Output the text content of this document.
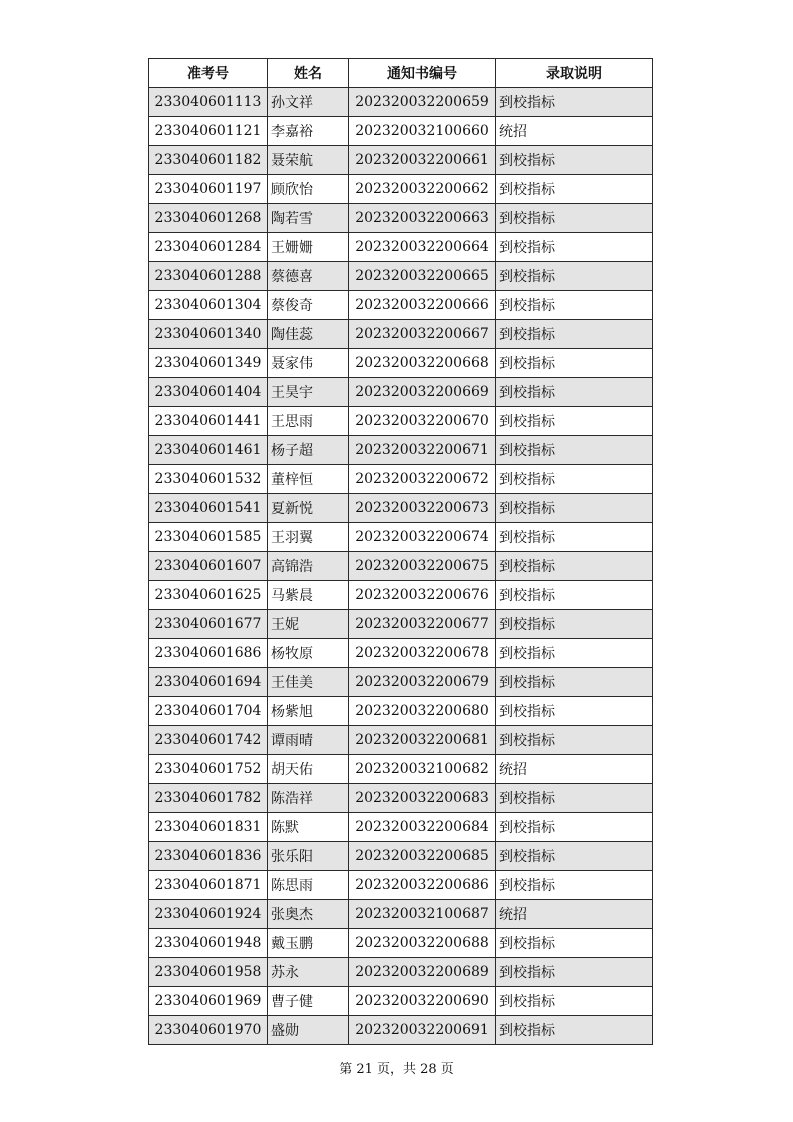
准考号	姓名	通知书编号	录取说明
233040601113	孙文祥	202320032200659	到校指标
233040601121	李嘉裕	202320032100660	统招
233040601182	聂荣航	202320032200661	到校指标
233040601197	顾欣怡	202320032200662	到校指标
233040601268	陶若雪	202320032200663	到校指标
233040601284	王姗姗	202320032200664	到校指标
233040601288	蔡德喜	202320032200665	到校指标
233040601304	蔡俊奇	202320032200666	到校指标
233040601340	陶佳蕊	202320032200667	到校指标
233040601349	聂家伟	202320032200668	到校指标
233040601404	王昊宇	202320032200669	到校指标
233040601441	王思雨	202320032200670	到校指标
233040601461	杨子超	202320032200671	到校指标
233040601532	董梓恒	202320032200672	到校指标
233040601541	夏新悦	202320032200673	到校指标
233040601585	王羽翼	202320032200674	到校指标
233040601607	高锦浩	202320032200675	到校指标
233040601625	马紫晨	202320032200676	到校指标
233040601677	王妮	202320032200677	到校指标
233040601686	杨牧原	202320032200678	到校指标
233040601694	王佳美	202320032200679	到校指标
233040601704	杨紫旭	202320032200680	到校指标
233040601742	谭雨晴	202320032200681	到校指标
233040601752	胡天佑	202320032100682	统招
233040601782	陈浩祥	202320032200683	到校指标
233040601831	陈默	202320032200684	到校指标
233040601836	张乐阳	202320032200685	到校指标
233040601871	陈思雨	202320032200686	到校指标
233040601924	张奥杰	202320032100687	统招
233040601948	戴玉鹏	202320032200688	到校指标
233040601958	苏永	202320032200689	到校指标
233040601969	曹子健	202320032200690	到校指标
233040601970	盛勋	202320032200691	到校指标
第 21 页，共 28 页
